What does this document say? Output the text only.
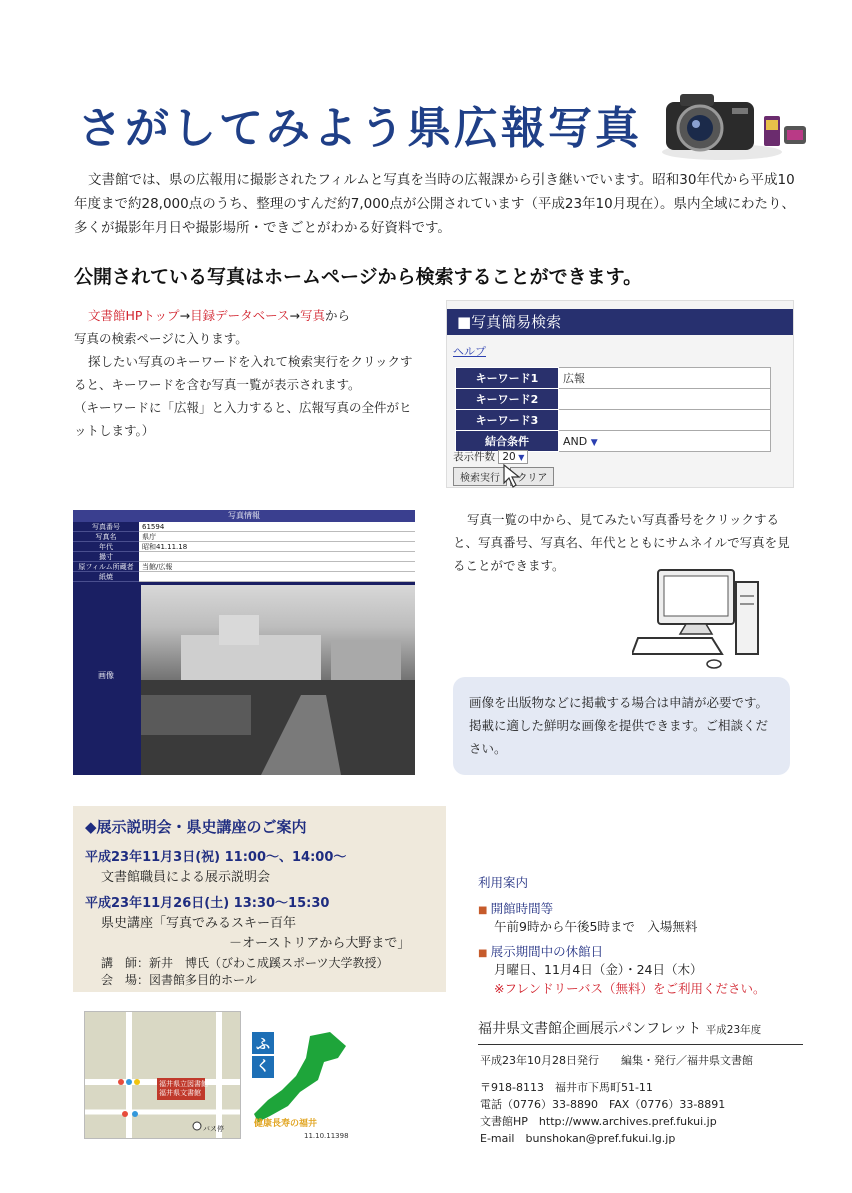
さがしてみよう県広報写真
文書館では、県の広報用に撮影されたフィルムと写真を当時の広報課から引き継いでいます。昭和30年代から平成10年度まで約28,000点のうち、整理のすんだ約7,000点が公開されています（平成23年10月現在）。県内全域にわたり、多くが撮影年月日や撮影場所・できごとがわかる好資料です。
公開されている写真はホームページから検索することができます。

文書館HPトップ→目録データベース→写真から

写真の検索ページに入ります。

探したい写真のキーワードを入れて検索実行をクリックすると、キーワードを含む写真一覧が表示されます。

（キーワードに「広報」と入力すると、広報写真の全件がヒットします。）

■写真簡易検索
ヘルプ
キーワード1	広報
キーワード2	
キーワード3	
結合条件	AND ▼
表示件数 20 ▼
検索実行 クリア
写真情報
写真番号	61594
写真名	県庁
年代	昭和41.11.18
撮寸
原フィルム所蔵者	当館/広報
紙焼
画像
写真一覧の中から、見てみたい写真番号をクリックすると、写真番号、写真名、年代とともにサムネイルで写真を見ることができます。
画像を出版物などに掲載する場合は申請が必要です。掲載に適した鮮明な画像を提供できます。ご相談ください。
◆展示説明会・県史講座のご案内
平成23年11月3日(祝) 11:00～、14:00～
文書館職員による展示説明会
平成23年11月26日(土) 13:30～15:30
県史講座「写真でみるスキー百年
－オーストリアから大野まで」
講　師：新井　博氏（びわこ成蹊スポーツ大学教授）
会　場：図書館多目的ホール
利用案内
■ 開館時間等
午前9時から午後5時まで　入場無料
■ 展示期間中の休館日
月曜日、11月4日（金）・24日（木）
※フレンドリーバス（無料）をご利用ください。
福井県立図書館
福井県文書館
バス停
ふくい
健康長寿の福井
11.10.11398
福井県文書館企画展示パンフレット 平成23年度
平成23年10月28日発行　　編集・発行／福井県文書館
〒918-8113　福井市下馬町51-11
電話（0776）33-8890　FAX（0776）33-8891
文書館HP　http://www.archives.pref.fukui.jp
E-mail　bunshokan@pref.fukui.lg.jp
